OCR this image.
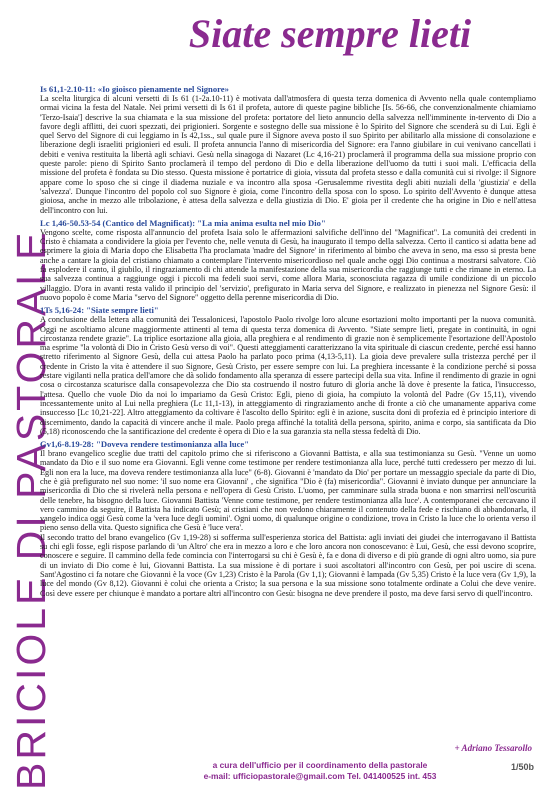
BRICIOLE DI PASTORALE
Siate sempre lieti
Is 61,1-2.10-11: «Io gioisco pienamente nel Signore»

La scelta liturgica di alcuni versetti di Is 61 (1-2a.10-11) è motivata dall'atmosfera di questa terza domenica di Avvento nella quale contempliamo ormai vicina la festa del Natale. Nei primi versetti di Is 61 il profeta, autore di queste pagine bibliche [Is. 56-66, che convenzionalmente chiamiamo 'Terzo-Isaia'] descrive la sua chiamata e la sua missione del profeta: portatore del lieto annuncio della salvezza nell'imminente in-tervento di Dio a favore degli afflitti, dei cuori spezzati, dei prigionieri. Sorgente e sostegno delle sua missione è lo Spirito del Signore che scenderà su di Lui. Egli è quel Servo del Signore di cui leggiamo in Is 42,1ss., sul quale pure il Signore aveva posto il suo Spirito per abilitarlo alla missione di consolazione e liberazione degli israeliti prigionieri ed esuli. Il profeta annuncia l'anno di misericordia del Signore: era l'anno giubilare in cui venivano cancellati i debiti e veniva restituita la libertà agli schiavi. Gesù nella sinagoga di Nazaret (Lc 4,16-21) proclamerà il programma della sua missione proprio con queste parole: pieno di Spirito Santo proclamerà il tempo del perdono di Dio e della liberazione dell'uomo da tutti i suoi mali. L'efficacia della missione del profeta è fondata su Dio stesso. Questa missione è portatrice di gioia, vissuta dal profeta stesso e dalla comunità cui si rivolge: il Signore appare come lo sposo che si cinge il diadema nuziale e va incontro alla sposa -Gerusalemme rivestita degli abiti nuziali della 'giustizia' e della 'salvezza'. Dunque l'incontro del popolo col suo Signore è gioia, come l'incontro della sposa con lo sposo. Lo spirito dell'Avvento è dunque attesa gioiosa, anche in mezzo alle tribolazione, è attesa della salvezza e della giustizia di Dio. E' gioia per il credente che ha origine in Dio e nell'attesa dell'incontro con lui.

Lc 1,46-50.53-54 (Cantico del Magnificat): "La mia anima esulta nel mio Dio"

Vengono scelte, come risposta all'annuncio del profeta Isaia solo le affermazioni salvifiche dell'inno del "Magnificat". La comunità dei credenti in Cristo è chiamata a condividere la gioia per l'evento che, nelle venuta di Gesù, ha inaugurato il tempo della salvezza. Certo il cantico si adatta bene ad esprimere la gioia di Maria dopo che Elisabetta l'ha proclamata 'madre del Signore' in riferimento al bimbo che aveva in seno, ma esso si presta bene anche a cantare la gioia del cristiano chiamato a contemplare l'intervento misericordioso nel quale anche oggi Dio continua a mostrarsi salvatore. Ciò fa esplodere il canto, il giubilo, il ringraziamento di chi attende la manifestazione della sua misericordia che raggiunge tutti e che rimane in eterno. La sua salvezza continua a raggiunge oggi i piccoli ma fedeli suoi servi, come allora Maria, sconosciuta ragazza di umile condizione di un piccolo villaggio. D'ora in avanti resta valido il principio del 'servizio', prefigurato in Maria serva del Signore, e realizzato in pienezza nel Signore Gesù: il nuovo popolo è come Maria "servo del Signore" oggetto della perenne misericordia di Dio.

1Ts 5,16-24: "Siate sempre lieti"

A conclusione della lettera alla comunità dei Tessalonicesi, l'apostolo Paolo rivolge loro alcune esortazioni molto importanti per la nuova comunità. Oggi ne ascoltiamo alcune maggiormente attinenti al tema di questa terza domenica di Avvento. "Siate sempre lieti, pregate in continuità, in ogni circostanza rendete grazie". La triplice esortazione alla gioia, alla preghiera e al rendimento di grazie non è semplicemente l'esortazione dell'Apostolo ma esprime "la volontà di Dio in Cristo Gesù verso di voi". Questi atteggiamenti caratterizzano la vita spirituale di ciascun credente, perché essi hanno stretto riferimento al Signore Gesù, della cui attesa Paolo ha parlato poco prima (4,13-5,11). La gioia deve prevalere sulla tristezza perché per il credente in Cristo la vita è attendere il suo Signore, Gesù Cristo, per essere sempre con lui. La preghiera incessante è la condizione perché si possa restare vigilanti nella pratica dell'amore che dà solido fondamento alla speranza di essere partecipi della sua vita. Infine il rendimento di grazie in ogni cosa o circostanza scaturisce dalla consapevolezza che Dio sta costruendo il nostro futuro di gloria anche là dove è presente la fatica, l'insuccesso, l'attesa. Quello che vuole Dio da noi lo impariamo da Gesù Cristo: Egli, pieno di gioia, ha compiuto la volontà del Padre (Gv 15,11), vivendo incessantemente unito al Lui nella preghiera (Lc 11,1-13), in atteggiamento di ringraziamento anche di fronte a ciò che umanamente appariva come insuccesso [Lc 10,21-22]. Altro atteggiamento da coltivare è l'ascolto dello Spirito: egli è in azione, suscita doni di profezia ed è principio interiore di discernimento, dando la capacità di vincere anche il male. Paolo prega affinché la totalità della persona, spirito, anima e corpo, sia santificata da Dio (5,18) riconoscendo che la santificazione del credente è opera di Dio e la sua garanzia sta nella stessa fedeltà di Dio.

Gv1,6-8.19-28: "Doveva rendere testimonianza alla luce"

Il brano evangelico sceglie due tratti del capitolo primo che si riferiscono a Giovanni Battista, e alla sua testimonianza su Gesù. "Venne un uomo mandato da Dio e il suo nome era Giovanni. Egli venne come testimone per rendere testimonianza alla luce, perché tutti credessero per mezzo di lui. Egli non era la luce, ma doveva rendere testimonianza alla luce" (6-8). Giovanni è 'mandato da Dio' per portare un messaggio speciale da parte di Dio, che è già prefigurato nel suo nome: 'il suo nome era Giovanni' , che significa "Dio è (fa) misericordia". Giovanni è inviato dunque per annunciare la misericordia di Dio che si rivelerà nella persona e nell'opera di Gesù Cristo. L'uomo, per camminare sulla strada buona e non smarrirsi nell'oscurità delle tenebre, ha bisogno della luce. Giovanni Battista 'Venne come testimone, per rendere testimonianza alla luce'. A contemporanei che cercavano il vero cammino da seguire, il Battista ha indicato Gesù; ai cristiani che non vedono chiaramente il contenuto della fede e rischiano di abbandonarla, il vangelo indica oggi Gesù come la 'vera luce degli uomini'. Ogni uomo, di qualunque origine o condizione, trova in Cristo la luce che lo orienta verso il pieno senso della vita. Questo significa che Gesù è 'luce vera'.
Il secondo tratto del brano evangelico (Gv 1,19-28) si sofferma sull'esperienza storica del Battista: agli inviati dei giudei che interrogavano il Battista su chi egli fosse, egli rispose parlando di 'un Altro' che era in mezzo a loro e che loro ancora non conoscevano: è Lui, Gesù, che essi devono scoprire, conoscere e seguire. Il cammino della fede comincia con l'interrogarsi su chi è Gesù è, fa e dona di diverso e di più grande di ogni altro uomo, sia pure di un inviato di Dio come è lui, Giovanni Battista. La sua missione è di portare i suoi ascoltatori all'incontro con Gesù, per poi uscire di scena. Sant'Agostino ci fa notare che Giovanni è la voce (Gv 1,23) Cristo è la Parola (Gv 1,1); Giovanni è lampada (Gv 5,35) Cristo è la luce vera (Gv 1,9), la luce del mondo (Gv 8,12). Giovanni è colui che orienta a Cristo; la sua persona e la sua missione sono totalmente ordinate a Colui che deve venire. Così deve essere per chiunque è mandato a portare altri all'incontro con Gesù: bisogna ne deve prendere il posto, ma deve farsi servo di quell'incontro.

+ Adriano Tessarollo
a cura dell'ufficio per il coordinamento della pastorale
e-mail: ufficiopastorale@gmail.com Tel. 041400525 int. 453
1/50b
